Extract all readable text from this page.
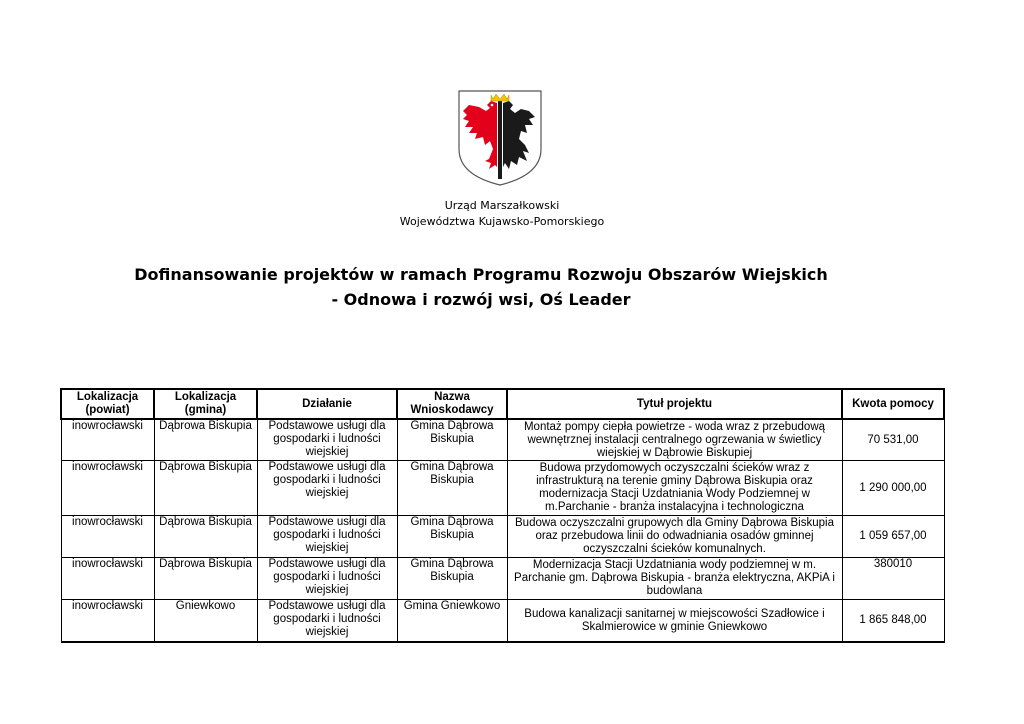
Urząd Marszałkowski
Województwa Kujawsko-Pomorskiego
Dofinansowanie projektów w ramach Programu Rozwoju Obszarów Wiejskich
- Odnowa i rozwój wsi, Oś Leader
Lokalizacja (powiat)	Lokalizacja (gmina)	Działanie	Nazwa Wnioskodawcy	Tytuł projektu	Kwota pomocy
inowrocławski	Dąbrowa Biskupia	Podstawowe usługi dla gospodarki i ludności wiejskiej	Gmina Dąbrowa Biskupia	Montaż pompy ciepła powietrze - woda wraz z przebudową wewnętrznej instalacji centralnego ogrzewania w świetlicy wiejskiej w Dąbrowie Biskupiej	70 531,00
inowrocławski	Dąbrowa Biskupia	Podstawowe usługi dla gospodarki i ludności wiejskiej	Gmina Dąbrowa Biskupia	Budowa przydomowych oczyszczalni ścieków wraz z infrastrukturą na terenie gminy Dąbrowa Biskupia oraz modernizacja Stacji Uzdatniania Wody Podziemnej w m.Parchanie - branża instalacyjna i technologiczna	1 290 000,00
inowrocławski	Dąbrowa Biskupia	Podstawowe usługi dla gospodarki i ludności wiejskiej	Gmina Dąbrowa Biskupia	Budowa oczyszczalni grupowych dla Gminy Dąbrowa Biskupia oraz przebudowa linii do odwadniania osadów gminnej oczyszczalni ścieków komunalnych.	1 059 657,00
inowrocławski	Dąbrowa Biskupia	Podstawowe usługi dla gospodarki i ludności wiejskiej	Gmina Dąbrowa Biskupia	Modernizacja Stacji Uzdatniania wody podziemnej w m. Parchanie gm. Dąbrowa Biskupia - branża elektryczna, AKPiA i budowlana	380010
inowrocławski	Gniewkowo	Podstawowe usługi dla gospodarki i ludności wiejskiej	Gmina Gniewkowo	Budowa kanalizacji sanitarnej w miejscowości Szadłowice i Skalmierowice w gminie Gniewkowo	1 865 848,00
